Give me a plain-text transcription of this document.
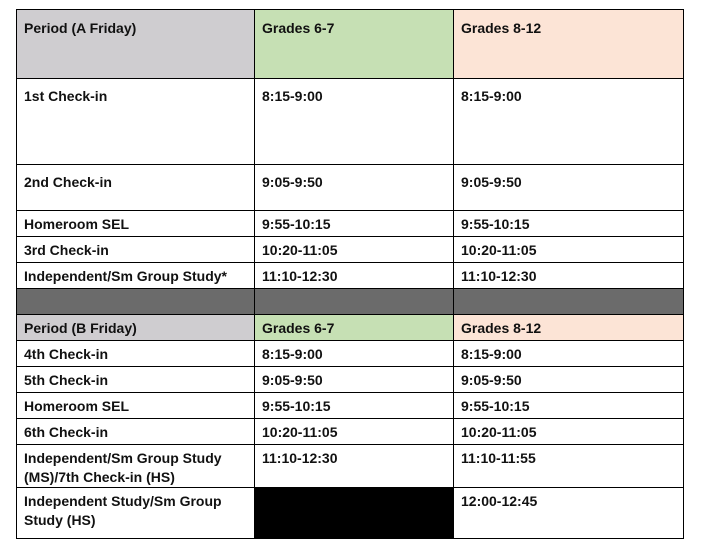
Period (A Friday)	Grades 6-7	Grades 8-12
1st Check-in	8:15-9:00	8:15-9:00
2nd Check-in	9:05-9:50	9:05-9:50
Homeroom SEL	9:55-10:15	9:55-10:15
3rd Check-in	10:20-11:05	10:20-11:05
Independent/Sm Group Study*	11:10-12:30	11:10-12:30

Period (B Friday)	Grades 6-7	Grades 8-12
4th Check-in	8:15-9:00	8:15-9:00
5th Check-in	9:05-9:50	9:05-9:50
Homeroom SEL	9:55-10:15	9:55-10:15
6th Check-in	10:20-11:05	10:20-11:05
Independent/Sm Group Study (MS)/7th Check-in (HS)	11:10-12:30	11:10-11:55
Independent Study/Sm Group Study (HS)		12:00-12:45
